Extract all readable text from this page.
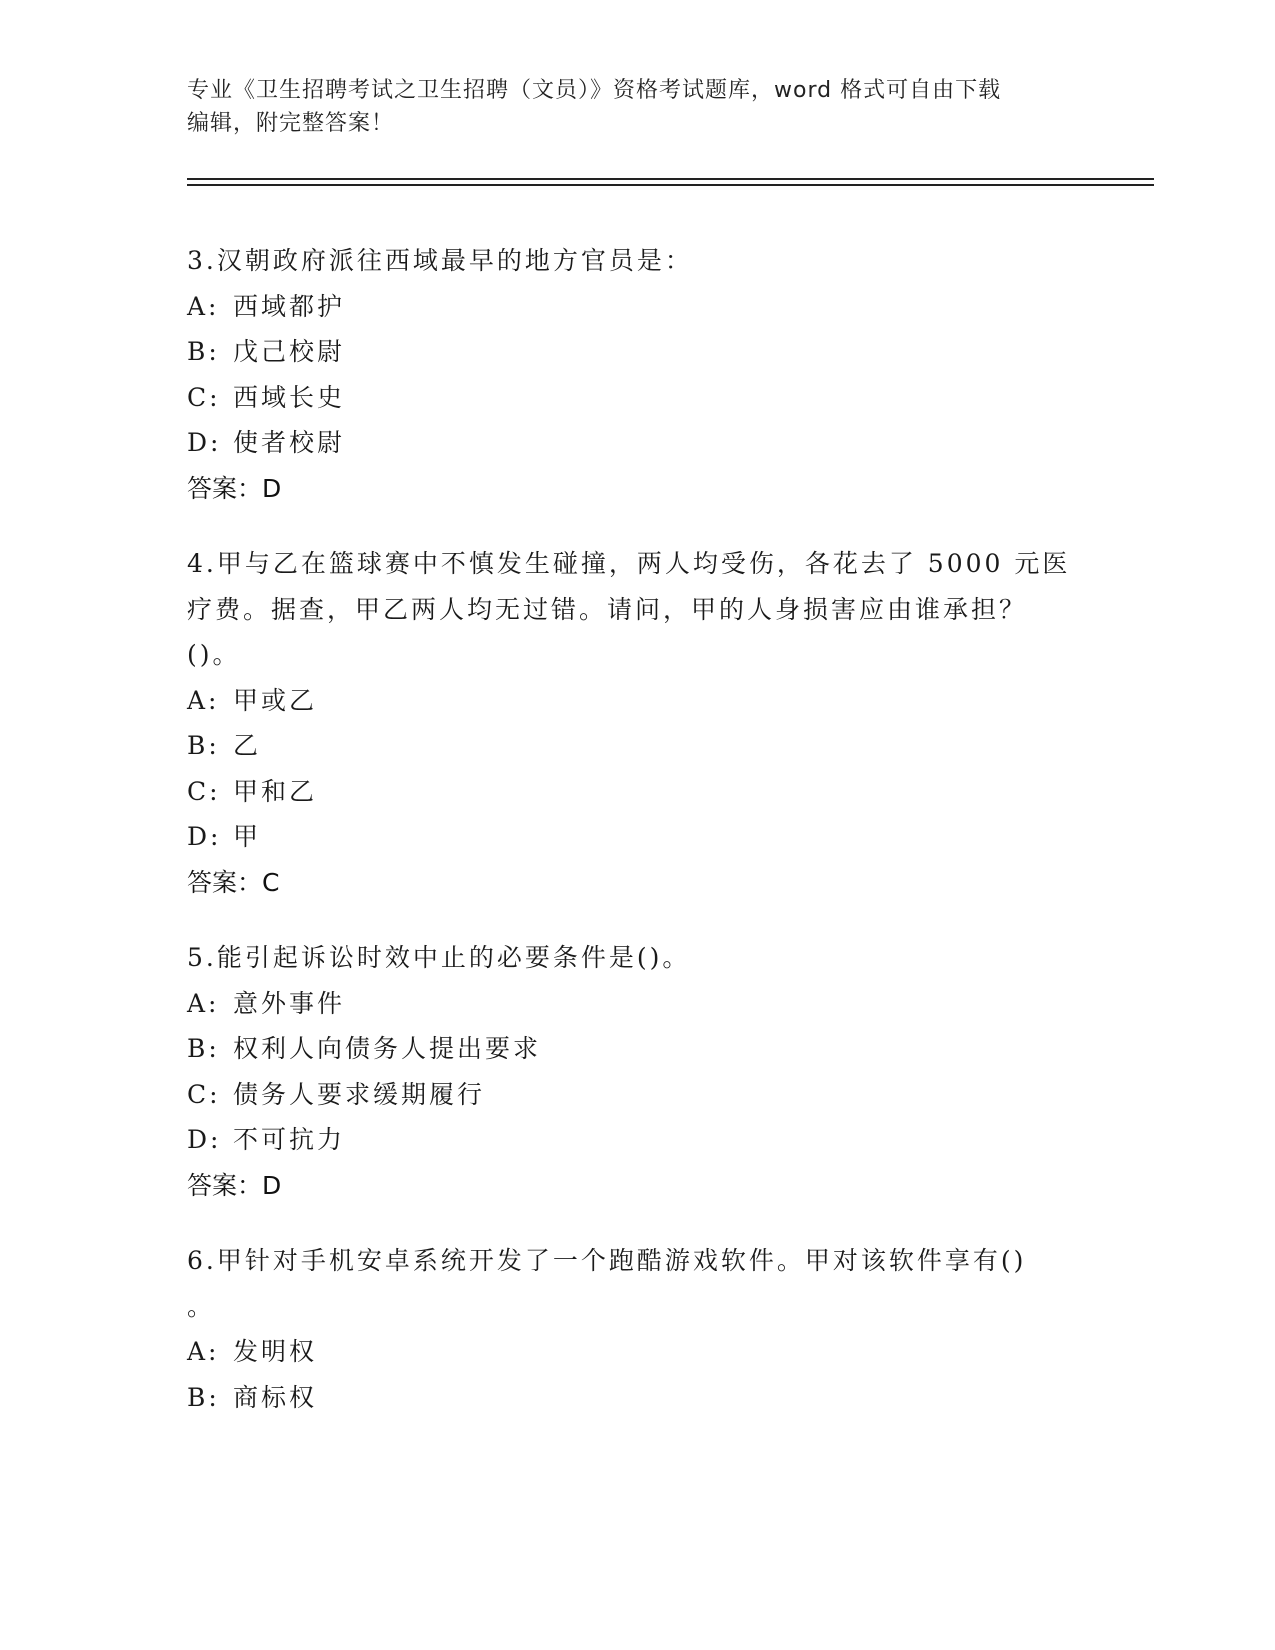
专业《卫生招聘考试之卫生招聘（文员）》资格考试题库，word 格式可自由下载
编辑，附完整答案！
3.汉朝政府派往西域最早的地方官员是：
A: 西域都护
B: 戊己校尉
C: 西域长史
D: 使者校尉
答案：D
4.甲与乙在篮球赛中不慎发生碰撞，两人均受伤，各花去了 5000 元医
疗费。据查，甲乙两人均无过错。请问，甲的人身损害应由谁承担？
()。
A: 甲或乙
B: 乙
C: 甲和乙
D: 甲
答案：C
5.能引起诉讼时效中止的必要条件是()。
A: 意外事件
B: 权利人向债务人提出要求
C: 债务人要求缓期履行
D: 不可抗力
答案：D
6.甲针对手机安卓系统开发了一个跑酷游戏软件。甲对该软件享有()
。
A: 发明权
B: 商标权
